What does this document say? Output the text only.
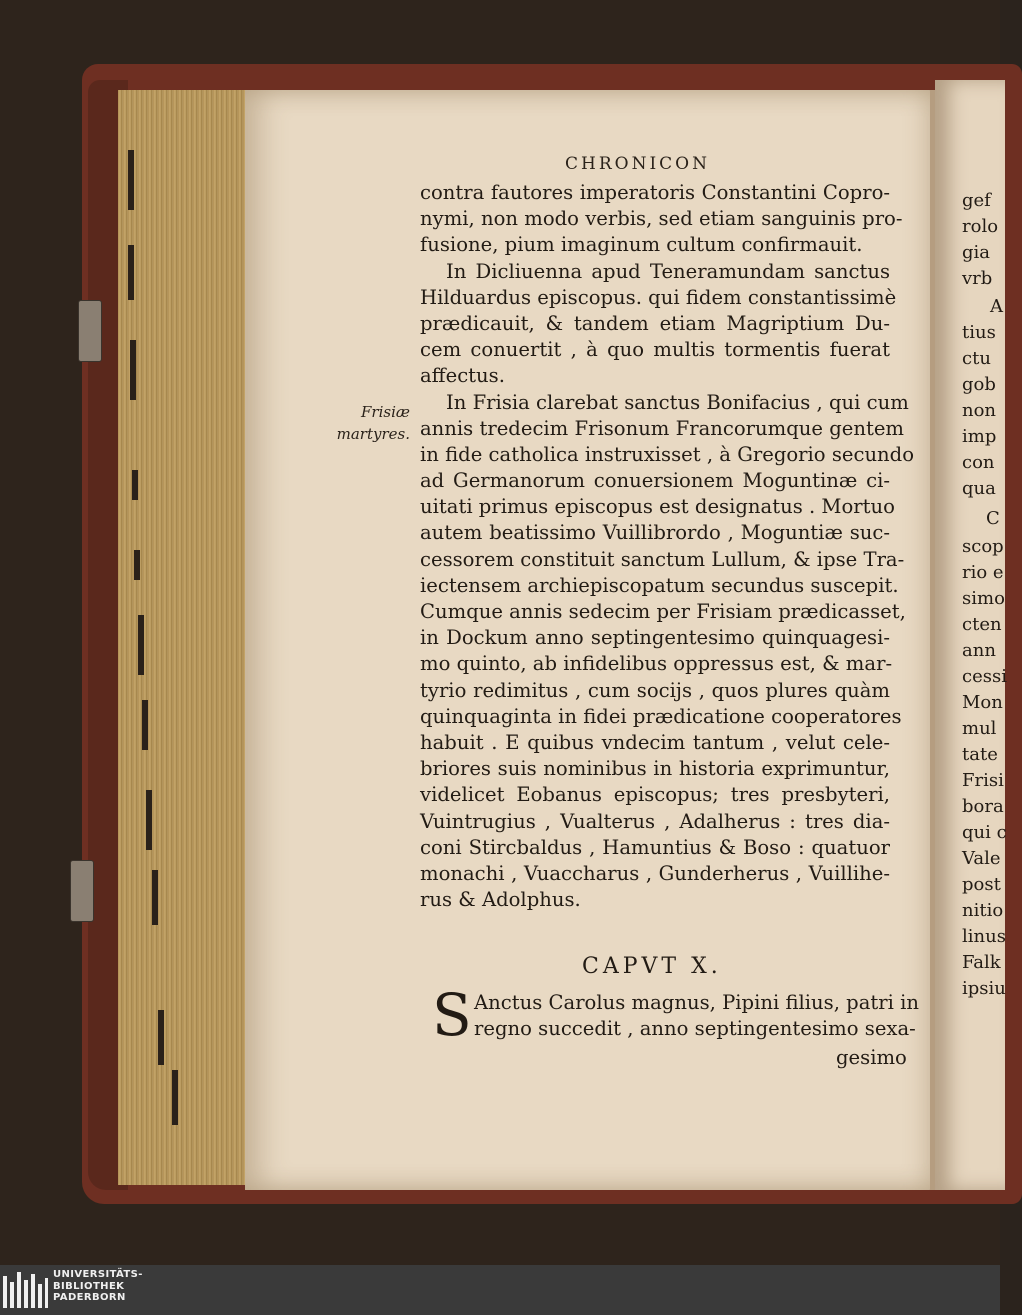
CHRONICON
contra fautores imperatoris Constantini Copro-
nymi, non modo verbis, sed etiam sanguinis pro-
fusione, pium imaginum cultum confirmauit.
In Dicliuenna apud Teneramundam sanctus
Hilduardus episcopus. qui fidem constantissimè
prædicauit, & tandem etiam Magriptium Du-
cem conuertit , à quo multis tormentis fuerat
affectus.
In Frisia clarebat sanctus Bonifacius , qui cum
annis tredecim Frisonum Francorumque gentem
in fide catholica instruxisset , à Gregorio secundo
ad Germanorum conuersionem Moguntinæ ci-
uitati primus episcopus est designatus . Mortuo
autem beatissimo Vuillibrordo , Moguntiæ suc-
cessorem constituit sanctum Lullum, & ipse Tra-
iectensem archiepiscopatum secundus suscepit.
Cumque annis sedecim per Frisiam prædicasset,
in Dockum anno septingentesimo quinquagesi-
mo quinto, ab infidelibus oppressus est, & mar-
tyrio redimitus , cum socijs , quos plures quàm
quinquaginta in fidei prædicatione cooperatores
habuit . E quibus vndecim tantum , velut cele-
briores suis nominibus in historia exprimuntur,
videlicet Eobanus episcopus; tres presbyteri,
Vuintrugius , Vualterus , Adalherus : tres dia-
coni Stircbaldus , Hamuntius & Boso : quatuor
monachi , Vuaccharus , Gunderherus , Vuillihe-
rus & Adolphus.
Frisiæ
martyres.
CAPVT X.
S Anctus Carolus magnus, Pipini filius, patri in
regno succedit , anno septingentesimo sexa-
gesimo
gef
rolo
gia
vrb
A
tius
ctu
gob
non
imp
con
qua
C
scop
rio e
simo
cten
ann
cessi
Mon
mul
tate
Frisi
bora
qui c
Vale
post
nitio
linus
Falk
ipsiu
UNIVERSITÄTS-
BIBLIOTHEK
PADERBORN
